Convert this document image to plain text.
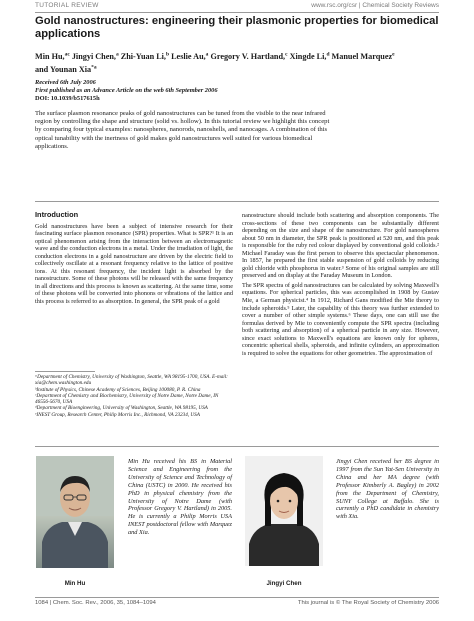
TUTORIAL REVIEW	www.rsc.org/csr | Chemical Society Reviews
Gold nanostructures: engineering their plasmonic properties for biomedical applications
Min Hu,$^{ac}$ Jingyi Chen,$^a$ Zhi-Yuan Li,$^b$ Leslie Au,$^a$ Gregory V. Hartland,$^c$ Xingde Li,$^d$ Manuel Marquez$^e$
and Younan Xia$^{*a}$
Received 6th July 2006
First published as an Advance Article on the web 6th September 2006
DOI: 10.1039/b517615h
The surface plasmon resonance peaks of gold nanostructures can be tuned from the visible to the near infrared region by controlling the shape and structure (solid vs. hollow). In this tutorial review we highlight this concept by comparing four typical examples: nanospheres, nanorods, nanoshells, and nanocages. A combination of this optical tunability with the inertness of gold makes gold nanostructures well suited for various biomedical applications.
Introduction

Gold nanostructures have been a subject of intensive research for their fascinating surface plasmon resonance (SPR) properties. What is SPR?¹ It is an optical phenomenon arising from the interaction between an electromagnetic wave and the conduction electrons in a metal. Under the irradiation of light, the conduction electrons in a gold nanostructure are driven by the electric field to collectively oscillate at a resonant frequency relative to the lattice of positive ions. At this resonant frequency, the incident light is absorbed by the nanostructure. Some of these photons will be released with the same frequency in all directions and this process is known as scattering. At the same time, some of these photons will be converted into phonons or vibrations of the lattice and this process is referred to as absorption. In general, the SPR peak of a gold

ᵃDepartment of Chemistry, University of Washington, Seattle, WA 98195-1700, USA. E-mail: xia@chem.washington.edu
ᵇInstitute of Physics, Chinese Academy of Sciences, Beijing 100080, P. R. China
ᶜDepartment of Chemistry and Biochemistry, University of Notre Dame, Notre Dame, IN 46556-5670, USA
ᵈDepartment of Bioengineering, University of Washington, Seattle, WA 98195, USA
ᵉINEST Group, Research Center, Philip Morris Inc., Richmond, VA 23234, USA

nanostructure should include both scattering and absorption components. The cross-sections of these two components can be substantially different depending on the size and shape of the nanostructure. For gold nanospheres about 50 nm in diameter, the SPR peak is positioned at 520 nm, and this peak is responsible for the ruby red colour displayed by conventional gold colloids.² Michael Faraday was the first person to observe this spectacular phenomenon. In 1857, he prepared the first stable suspension of gold colloids by reducing gold chloride with phosphorus in water.³ Some of his original samples are still preserved and on display at the Faraday Museum in London.

The SPR spectra of gold nanostructures can be calculated by solving Maxwell's equations. For spherical particles, this was accomplished in 1908 by Gustav Mie, a German physicist.⁴ In 1912, Richard Gans modified the Mie theory to include spheroids.⁵ Later, the capability of this theory was further extended to cover a number of other simple systems.⁶ These days, one can still use the formulas derived by Mie to conveniently compute the SPR spectra (including both scattering and absorption) of a spherical particle in any size. However, since exact solutions to Maxwell's equations are known only for spheres, concentric spherical shells, spheroids, and infinite cylinders, an approximation is required to solve the equations for other geometries. The approximation of

Min Hu
Min Hu received his BS in Material Science and Engineering from the University of Science and Technology of China (USTC) in 2000. He received his PhD in physical chemistry from the University of Notre Dame (with Professor Gregory V. Hartland) in 2005. He is currently a Philip Morris USA INEST postdoctoral fellow with Marquez and Xia.
Jingyi Chen
Jingyi Chen received her BS degree in 1997 from the Sun Yat-Sen University in China and her MA degree (with Professor Kimberly A. Bagley) in 2002 from the Department of Chemistry, SUNY College at Buffalo. She is currently a PhD candidate in chemistry with Xia.
1084 | Chem. Soc. Rev., 2006, 35, 1084–1094	This journal is © The Royal Society of Chemistry 2006
